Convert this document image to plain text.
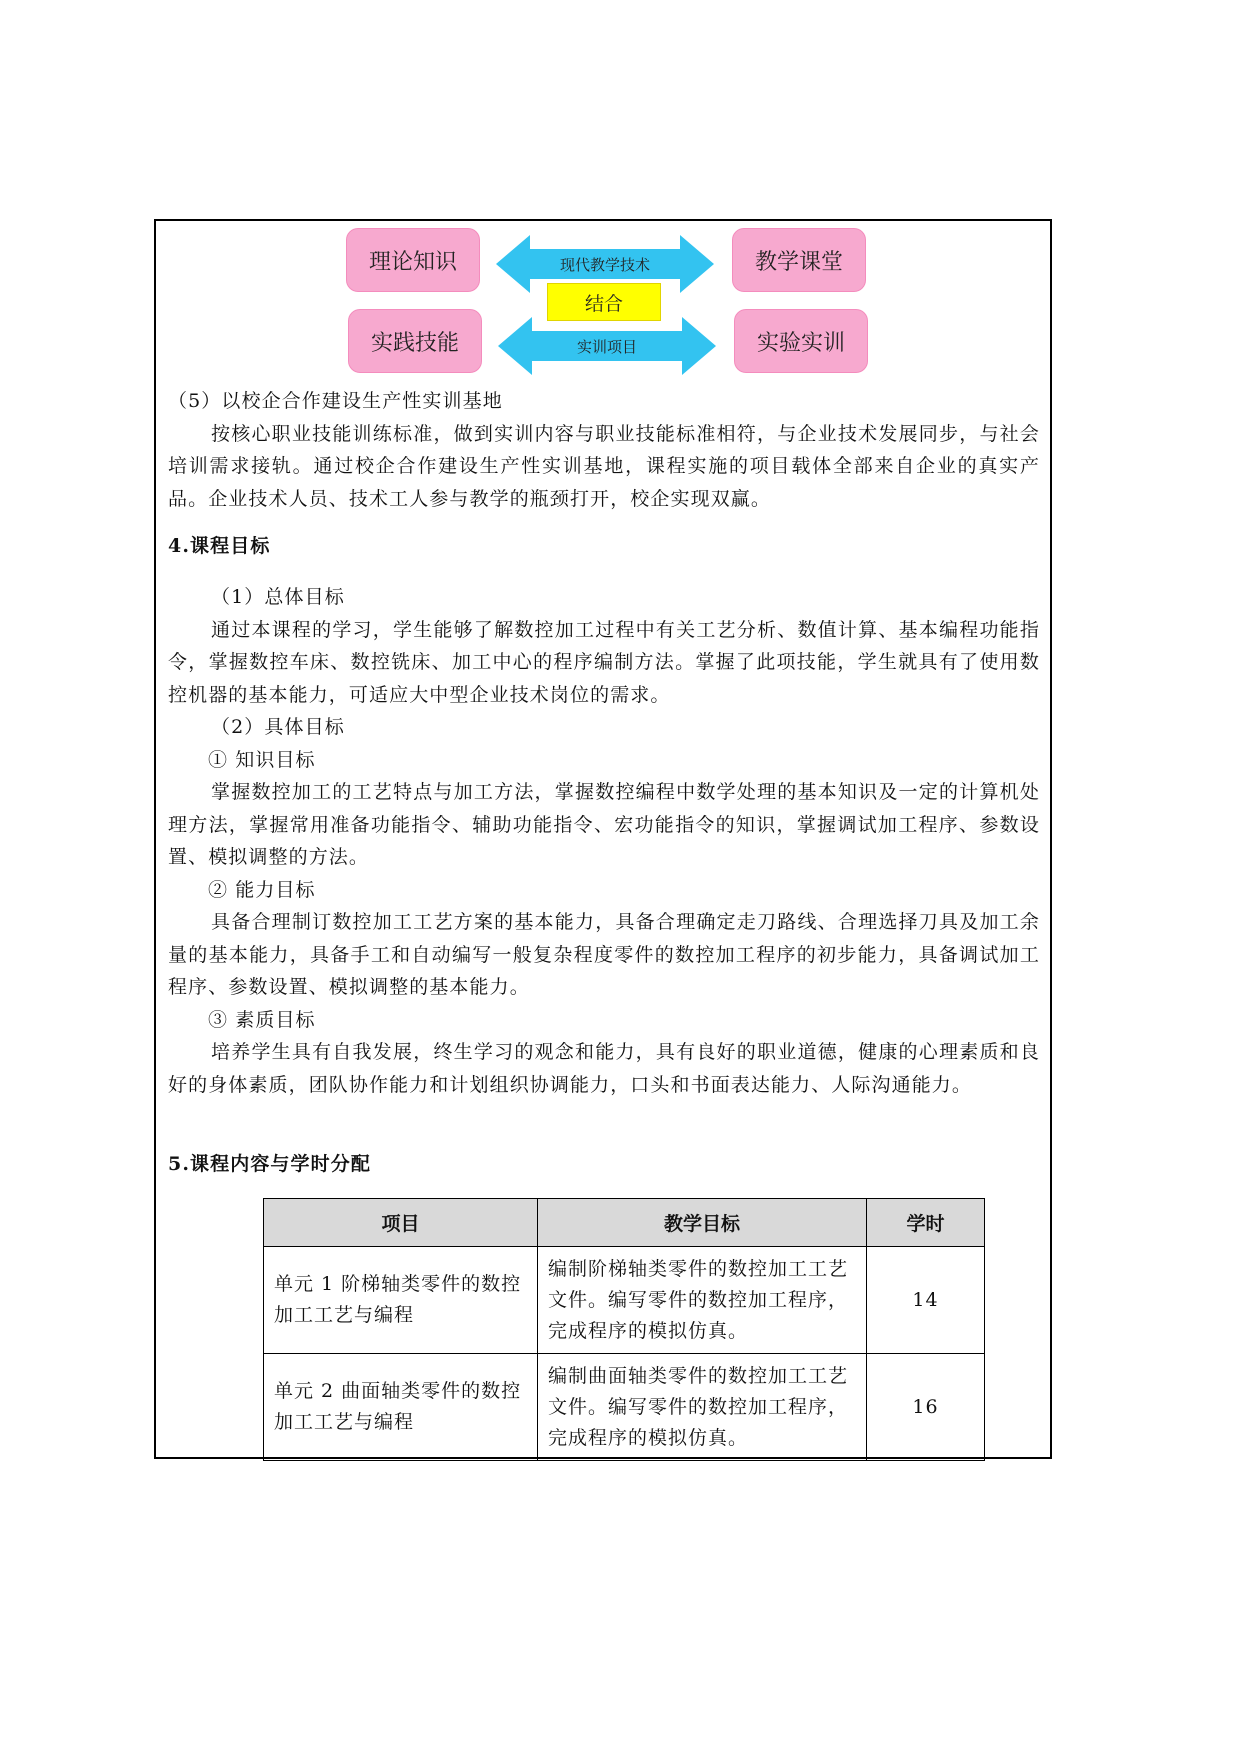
理论知识	教学课堂
实践技能	实验实训
现代教学技术
结合
实训项目

（5）以校企合作建设生产性实训基地

按核心职业技能训练标准，做到实训内容与职业技能标准相符，与企业技术发展同步，与社会培训需求接轨。通过校企合作建设生产性实训基地，课程实施的项目载体全部来自企业的真实产品。企业技术人员、技术工人参与教学的瓶颈打开，校企实现双赢。

4.课程目标

（1）总体目标

通过本课程的学习，学生能够了解数控加工过程中有关工艺分析、数值计算、基本编程功能指令，掌握数控车床、数控铣床、加工中心的程序编制方法。掌握了此项技能，学生就具有了使用数控机器的基本能力，可适应大中型企业技术岗位的需求。

（2）具体目标

① 知识目标

掌握数控加工的工艺特点与加工方法，掌握数控编程中数学处理的基本知识及一定的计算机处理方法，掌握常用准备功能指令、辅助功能指令、宏功能指令的知识，掌握调试加工程序、参数设置、模拟调整的方法。

② 能力目标

具备合理制订数控加工工艺方案的基本能力，具备合理确定走刀路线、合理选择刀具及加工余量的基本能力，具备手工和自动编写一般复杂程度零件的数控加工程序的初步能力，具备调试加工程序、参数设置、模拟调整的基本能力。

③ 素质目标

培养学生具有自我发展，终生学习的观念和能力，具有良好的职业道德，健康的心理素质和良好的身体素质，团队协作能力和计划组织协调能力，口头和书面表达能力、人际沟通能力。

5.课程内容与学时分配

项目	教学目标	学时
单元 1 阶梯轴类零件的数控加工工艺与编程	编制阶梯轴类零件的数控加工工艺文件。编写零件的数控加工程序，完成程序的模拟仿真。	14
单元 2 曲面轴类零件的数控加工工艺与编程	编制曲面轴类零件的数控加工工艺文件。编写零件的数控加工程序，完成程序的模拟仿真。	16
